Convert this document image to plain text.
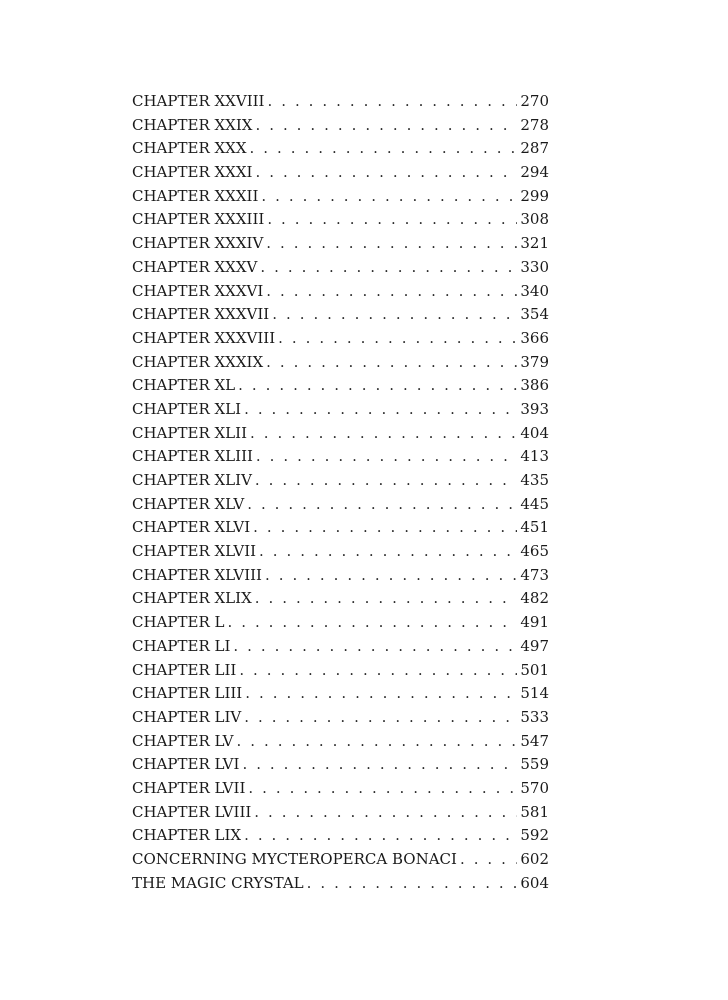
CHAPTER XXVIII . . .	270
CHAPTER XXIX . . .	278
CHAPTER XXX . . .	287
CHAPTER XXXI . . .	294
CHAPTER XXXII . . .	299
CHAPTER XXXIII . . .	308
CHAPTER XXXIV . . .	321
CHAPTER XXXV . . .	330
CHAPTER XXXVI . . .	340
CHAPTER XXXVII . . .	354
CHAPTER XXXVIII . . .	366
CHAPTER XXXIX . . .	379
CHAPTER XL . . .	386
CHAPTER XLI . . .	393
CHAPTER XLII . . .	404
CHAPTER XLIII . . .	413
CHAPTER XLIV . . .	435
CHAPTER XLV . . .	445
CHAPTER XLVI . . .	451
CHAPTER XLVII . . .	465
CHAPTER XLVIII . . .	473
CHAPTER XLIX . . .	482
CHAPTER L . . .	491
CHAPTER LI . . .	497
CHAPTER LII . . .	501
CHAPTER LIII . . .	514
CHAPTER LIV . . .	533
CHAPTER LV . . .	547
CHAPTER LVI . . .	559
CHAPTER LVII . . .	570
CHAPTER LVIII . . .	581
CHAPTER LIX . . .	592
CONCERNING MYCTEROPERCA BONACI . . .	602
THE MAGIC CRYSTAL . . .	604
